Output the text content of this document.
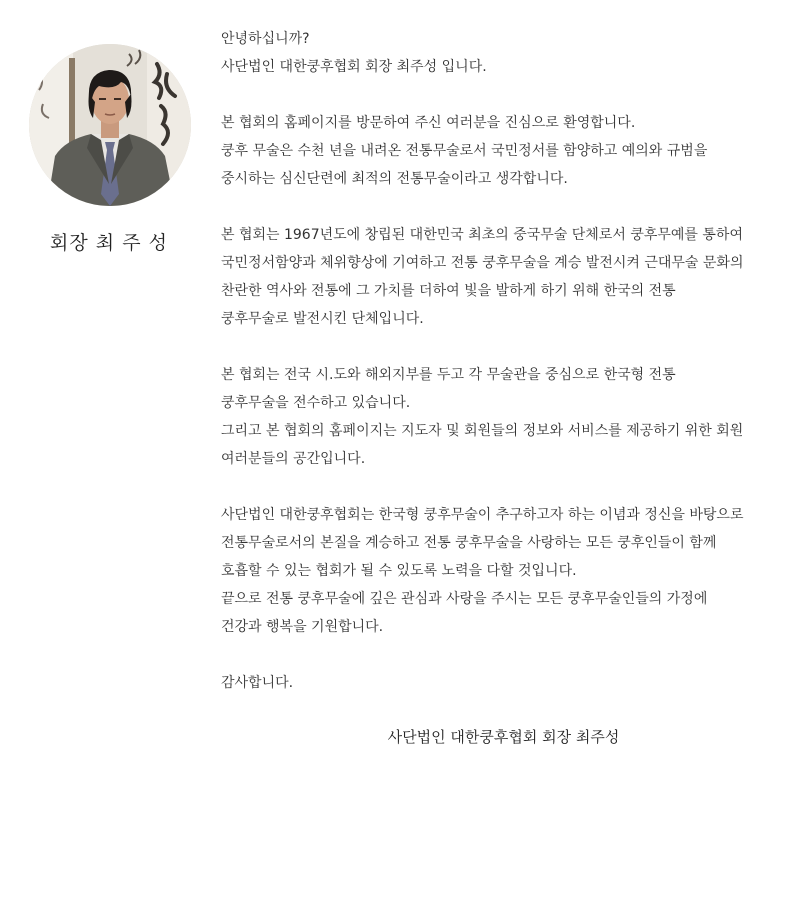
회장 최 주 성
안녕하십니까?
사단법인 대한쿵후협회 회장 최주성 입니다.
본 협회의 홈페이지를 방문하여 주신 여러분을 진심으로 환영합니다.
쿵후 무술은 수천 년을 내려온 전통무술로서 국민정서를 함양하고 예의와 규범을
중시하는 심신단련에 최적의 전통무술이라고 생각합니다.
본 협회는 1967년도에 창립된 대한민국 최초의 중국무술 단체로서 쿵후무예를 통하여
국민정서함양과 체위향상에 기여하고 전통 쿵후무술을 계승 발전시켜 근대무술 문화의
찬란한 역사와 전통에 그 가치를 더하여 빛을 발하게 하기 위해 한국의 전통
쿵후무술로 발전시킨 단체입니다.
본 협회는 전국 시.도와 해외지부를 두고 각 무술관을 중심으로 한국형 전통
쿵후무술을 전수하고 있습니다.
그리고 본 협회의 홈페이지는 지도자 및 회원들의 정보와 서비스를 제공하기 위한 회원
여러분들의 공간입니다.
사단법인 대한쿵후협회는 한국형 쿵후무술이 추구하고자 하는 이념과 정신을 바탕으로
전통무술로서의 본질을 계승하고 전통 쿵후무술을 사랑하는 모든 쿵후인들이 함께
호흡할 수 있는 협회가 될 수 있도록 노력을 다할 것입니다.
끝으로 전통 쿵후무술에 깊은 관심과 사랑을 주시는 모든 쿵후무술인들의 가정에
건강과 행복을 기원합니다.
감사합니다.
사단법인 대한쿵후협회 회장 최주성
